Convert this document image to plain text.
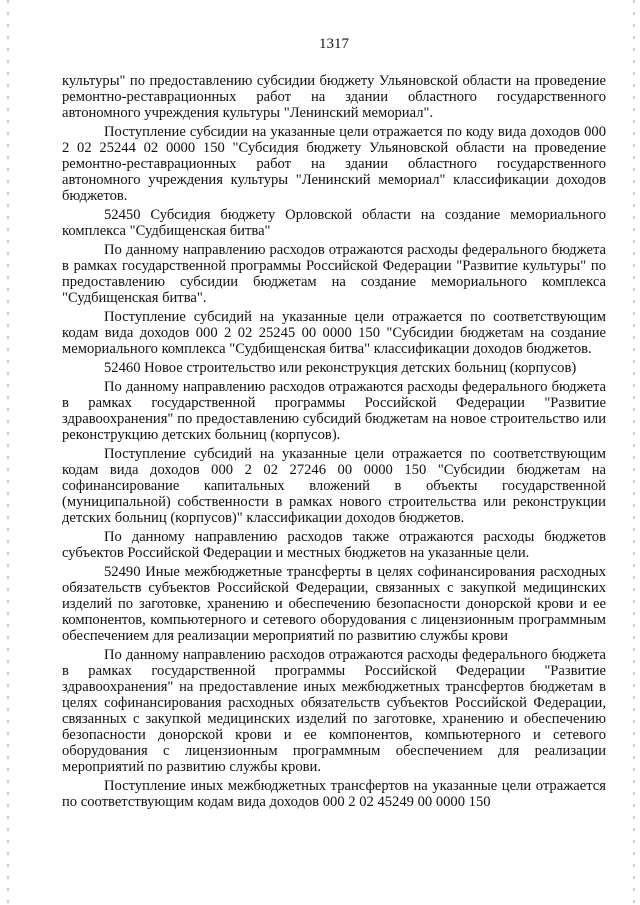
1317

культуры" по предоставлению субсидии бюджету Ульяновской области на проведение ремонтно-реставрационных работ на здании областного государственного автономного учреждения культуры "Ленинский мемориал".

Поступление субсидии на указанные цели отражается по коду вида доходов 000 2 02 25244 02 0000 150 "Субсидия бюджету Ульяновской области на проведение ремонтно-реставрационных работ на здании областного государственного автономного учреждения культуры "Ленинский мемориал" классификации доходов бюджетов.

52450 Субсидия бюджету Орловской области на создание мемориального комплекса "Судбищенская битва"

По данному направлению расходов отражаются расходы федерального бюджета в рамках государственной программы Российской Федерации "Развитие культуры" по предоставлению субсидии бюджетам на создание мемориального комплекса "Судбищенская битва".

Поступление субсидий на указанные цели отражается по соответствующим кодам вида доходов 000 2 02 25245 00 0000 150 "Субсидии бюджетам на создание мемориального комплекса "Судбищенская битва" классификации доходов бюджетов.

52460 Новое строительство или реконструкция детских больниц (корпусов)

По данному направлению расходов отражаются расходы федерального бюджета в рамках государственной программы Российской Федерации "Развитие здравоохранения" по предоставлению субсидий бюджетам на новое строительство или реконструкцию детских больниц (корпусов).

Поступление субсидий на указанные цели отражается по соответствующим кодам вида доходов 000 2 02 27246 00 0000 150 "Субсидии бюджетам на софинансирование капитальных вложений в объекты государственной (муниципальной) собственности в рамках нового строительства или реконструкции детских больниц (корпусов)" классификации доходов бюджетов.

По данному направлению расходов также отражаются расходы бюджетов субъектов Российской Федерации и местных бюджетов на указанные цели.

52490 Иные межбюджетные трансферты в целях софинансирования расходных обязательств субъектов Российской Федерации, связанных с закупкой медицинских изделий по заготовке, хранению и обеспечению безопасности донорской крови и ее компонентов, компьютерного и сетевого оборудования с лицензионным программным обеспечением для реализации мероприятий по развитию службы крови

По данному направлению расходов отражаются расходы федерального бюджета в рамках государственной программы Российской Федерации "Развитие здравоохранения" на предоставление иных межбюджетных трансфертов бюджетам в целях софинансирования расходных обязательств субъектов Российской Федерации, связанных с закупкой медицинских изделий по заготовке, хранению и обеспечению безопасности донорской крови и ее компонентов, компьютерного и сетевого оборудования с лицензионным программным обеспечением для реализации мероприятий по развитию службы крови.

Поступление иных межбюджетных трансфертов на указанные цели отражается по соответствующим кодам вида доходов 000 2 02 45249 00 0000 150
